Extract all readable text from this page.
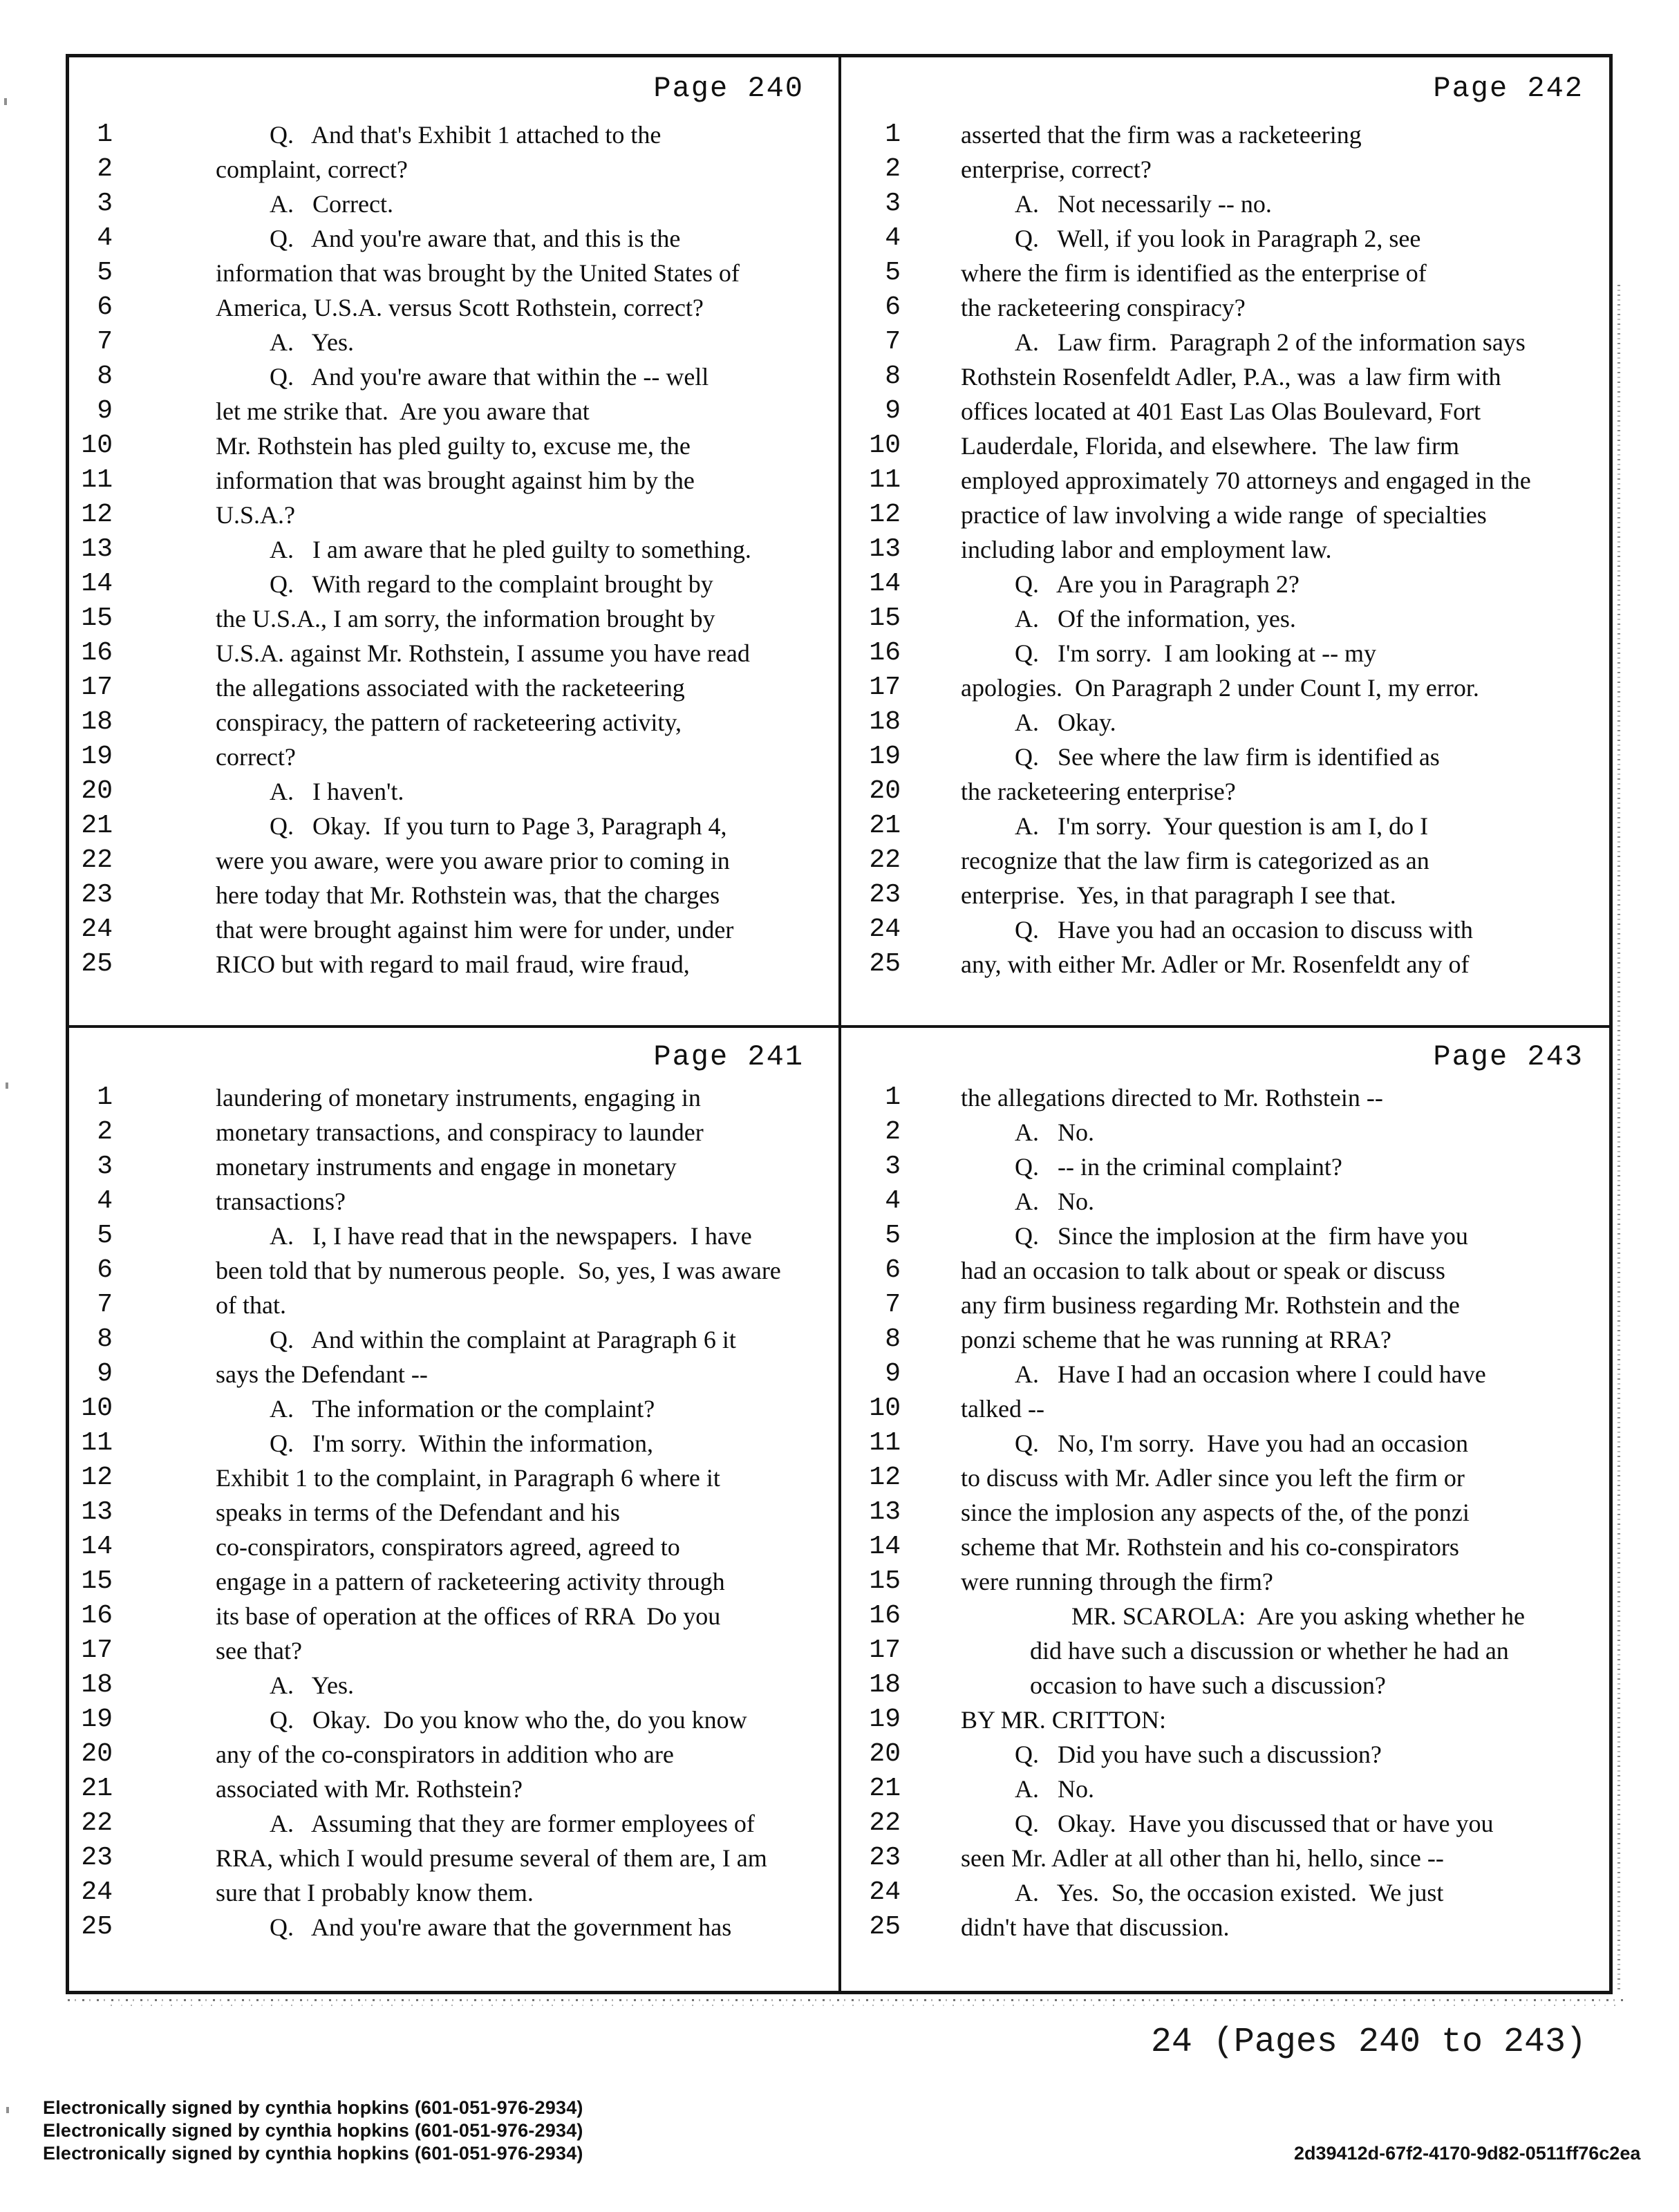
Page 240
1	Q.   And that's Exhibit 1 attached to the
2	complaint, correct?
3	A.   Correct.
4	Q.   And you're aware that, and this is the
5	information that was brought by the United States of
6	America, U.S.A. versus Scott Rothstein, correct?
7	A.   Yes.
8	Q.   And you're aware that within the -- well
9	let me strike that.  Are you aware that
10	Mr. Rothstein has pled guilty to, excuse me, the
11	information that was brought against him by the
12	U.S.A.?
13	A.   I am aware that he pled guilty to something.
14	Q.   With regard to the complaint brought by
15	the U.S.A., I am sorry, the information brought by
16	U.S.A. against Mr. Rothstein, I assume you have read
17	the allegations associated with the racketeering
18	conspiracy, the pattern of racketeering activity,
19	correct?
20	A.   I haven't.
21	Q.   Okay.  If you turn to Page 3, Paragraph 4,
22	were you aware, were you aware prior to coming in
23	here today that Mr. Rothstein was, that the charges
24	that were brought against him were for under, under
25	RICO but with regard to mail fraud, wire fraud,
Page 242
1 asserted that the firm was a racketeering
2 enterprise, correct?
3	A.   Not necessarily -- no.
4	Q.   Well, if you look in Paragraph 2, see
5 where the firm is identified as the enterprise of
6 the racketeering conspiracy?
7	A.   Law firm.  Paragraph 2 of the information says
8 Rothstein Rosenfeldt Adler, P.A., was  a law firm with
9 offices located at 401 East Las Olas Boulevard, Fort
10 Lauderdale, Florida, and elsewhere.  The law firm
11 employed approximately 70 attorneys and engaged in the
12 practice of law involving a wide range  of specialties
13 including labor and employment law.
14	Q.   Are you in Paragraph 2?
15	A.   Of the information, yes.
16	Q.   I'm sorry.  I am looking at -- my
17 apologies.  On Paragraph 2 under Count I, my error.
18	A.   Okay.
19	Q.   See where the law firm is identified as
20 the racketeering enterprise?
21	A.   I'm sorry.  Your question is am I, do I
22 recognize that the law firm is categorized as an
23 enterprise.  Yes, in that paragraph I see that.
24	Q.   Have you had an occasion to discuss with
25 any, with either Mr. Adler or Mr. Rosenfeldt any of
Page 241
1	laundering of monetary instruments, engaging in
2	monetary transactions, and conspiracy to launder
3	monetary instruments and engage in monetary
4	transactions?
5	A.   I, I have read that in the newspapers.  I have
6	been told that by numerous people.  So, yes, I was aware
7	of that.
8	Q.   And within the complaint at Paragraph 6 it
9	says the Defendant --
10	A.   The information or the complaint?
11	Q.   I'm sorry.  Within the information,
12	Exhibit 1 to the complaint, in Paragraph 6 where it
13	speaks in terms of the Defendant and his
14	co-conspirators, conspirators agreed, agreed to
15	engage in a pattern of racketeering activity through
16	its base of operation at the offices of RRA  Do you
17	see that?
18	A.   Yes.
19	Q.   Okay.  Do you know who the, do you know
20	any of the co-conspirators in addition who are
21	associated with Mr. Rothstein?
22	A.   Assuming that they are former employees of
23	RRA, which I would presume several of them are, I am
24	sure that I probably know them.
25	Q.   And you're aware that the government has
Page 243
1 the allegations directed to Mr. Rothstein --
2	A.   No.
3	Q.   -- in the criminal complaint?
4	A.   No.
5	Q.   Since the implosion at the  firm have you
6 had an occasion to talk about or speak or discuss
7 any firm business regarding Mr. Rothstein and the
8 ponzi scheme that he was running at RRA?
9	A.   Have I had an occasion where I could have
10 talked --
11	Q.   No, I'm sorry.  Have you had an occasion
12 to discuss with Mr. Adler since you left the firm or
13 since the implosion any aspects of the, of the ponzi
14 scheme that Mr. Rothstein and his co-conspirators
15 were running through the firm?
16	MR. SCAROLA:  Are you asking whether he
17	did have such a discussion or whether he had an
18	occasion to have such a discussion?
19 BY MR. CRITTON:
20	Q.   Did you have such a discussion?
21	A.   No.
22	Q.   Okay.  Have you discussed that or have you
23 seen Mr. Adler at all other than hi, hello, since --
24	A.   Yes.  So, the occasion existed.  We just
25 didn't have that discussion.
24 (Pages 240 to 243)
Electronically signed by cynthia hopkins (601-051-976-2934)
Electronically signed by cynthia hopkins (601-051-976-2934)
Electronically signed by cynthia hopkins (601-051-976-2934)	2d39412d-67f2-4170-9d82-0511ff76c2ea
